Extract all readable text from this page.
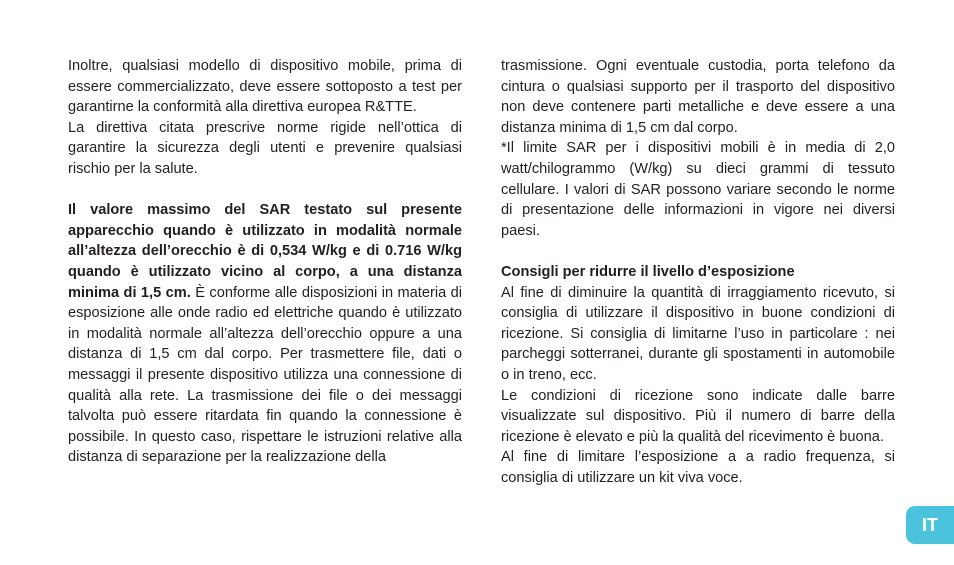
Inoltre, qualsiasi modello di dispositivo mobile, prima di essere commercializzato, deve essere sottoposto a test per garantirne la conformità alla direttiva europea R&TTE.

La direttiva citata prescrive norme rigide nell’ottica di garantire la sicurezza degli utenti e prevenire qualsiasi rischio per la salute.

Il valore massimo del SAR testato sul presente apparecchio quando è utilizzato in modalità normale all’altezza dell’orecchio è di 0,534 W/kg e di 0.716 W/kg quando è utilizzato vicino al corpo, a una distanza minima di 1,5 cm. È conforme alle disposizioni in materia di esposizione alle onde radio ed elettriche quando è utilizzato in modalità normale all’altezza dell’orecchio oppure a una distanza di 1,5 cm dal corpo. Per trasmettere file, dati o messaggi il presente dispositivo utilizza una connessione di qualità alla rete. La trasmissione dei file o dei messaggi talvolta può essere ritardata fin quando la connessione è possibile. In questo caso, rispettare le istruzioni relative alla distanza di separazione per la realizzazione della

trasmissione. Ogni eventuale custodia, porta telefono da cintura o qualsiasi supporto per il trasporto del dispositivo non deve contenere parti metalliche e deve essere a una distanza minima di 1,5 cm dal corpo.

*Il limite SAR per i dispositivi mobili è in media di 2,0 watt/chilogrammo (W/kg) su dieci grammi di tessuto cellulare. I valori di SAR possono variare secondo le norme di presentazione delle informazioni in vigore nei diversi paesi.

Consigli per ridurre il livello d’esposizione

Al fine di diminuire la quantità di irraggiamento ricevuto, si consiglia di utilizzare il dispositivo in buone condizioni di ricezione. Si consiglia di limitarne l’uso in particolare : nei parcheggi sotterranei, durante gli spostamenti in automobile o in treno, ecc.

Le condizioni di ricezione sono indicate dalle barre visualizzate sul dispositivo. Più il numero di barre della ricezione è elevato e più la qualità del ricevimento è buona.

Al fine di limitare l’esposizione a a radio frequenza, si consiglia di utilizzare un kit viva voce.

IT
